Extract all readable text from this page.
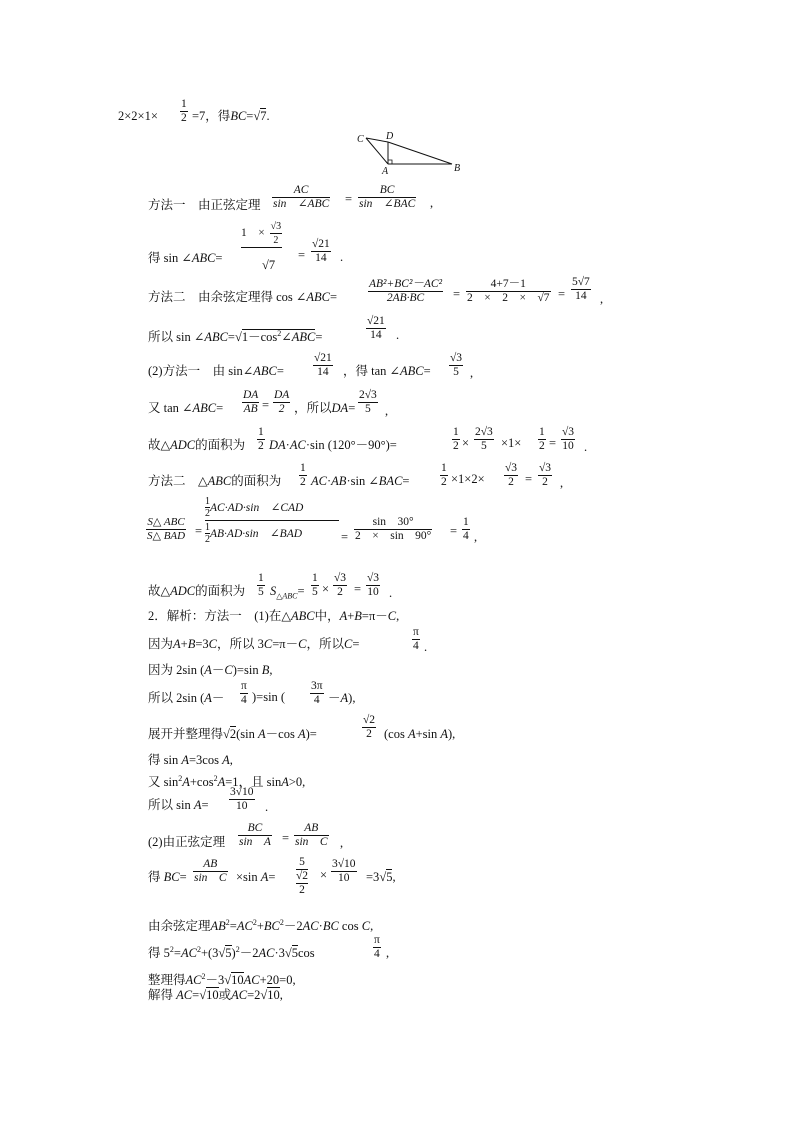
2×2×1×
1
2 =7，得BC=√7.
C D
A	B
方法一　由正弦定理
AC
sin　∠ABC =
BC
sin　∠BAC ,
得 sin ∠ABC=
1　× $\frac{√3}{2}$
√7
=
√21
14	.
方法二　由余弦定理得 cos ∠ABC=
AB²+BC²－AC²
2AB·BC	=
4+7－1
2　×　2　×　√7 =
5√7
14	,
所以 $\sin \angle ABC=√1-\cos^2\angle ABC=$
√21
14	.
(2)方法一　由 sin∠ABC=
√21
14	，得 tan ∠ABC=
√3
5 ,
又 tan ∠ABC=
DA
AB =
DA
2 ，所以DA=
2√3
5	,
故△ADC的面积为
1
2 DA·AC·sin (120°－90°)=
1
2 ×
2√3
5	×1×
1
2 =
√3
10 .
方法二　△ABC的面积为
1
2 AC·AB·sin ∠BAC=
1
2 ×1×2×
√3
2 =
√3
2 ,
S△ ABC
S△ BAD =
$\frac{1}{2} AC\cdot AD\cdot\sin$　∠CAD
$\frac{1}{2} AB\cdot AD\cdot\sin$　∠BAD	=
sin　30°
2　×　sin　90° =
1
4 ,
故△ADC的面积为
1
5 $S_{\triangle ABC}=$
1
5 ×
√3
2 =
√3
10 .
2．解析：方法一　(1)在△ABC中，A+B=π－C,
因为A+B=3C，所以 3C=π－C，所以C=
π
4 .
因为 2sin (A－C)=sin B,
所以 2sin (A－
π
4 )=sin (
3π
4 －A),
展开并整理得√2(sin A－cos A)=
√2
2 (cos A+sin A),
得 sin A=3cos A,
又 $\sin^2A+\cos^2A=1$，且 sinA>0,
所以 sin A=
3√10
10	.
(2)由正弦定理
BC
sin　A =
AB
sin　C ,
得 BC=
AB
sin　C ×sin A=
5
√2
2
×
3√10
10	=3√5,
由余弦定理$AB^2=AC^2+BC^2-2AC\cdot BC$ cos C,
得 $5^2=AC^2+(3√5)^2-2AC\cdot 3√5\cos$
π
4 ,
整理得$AC^2-3√10AC+20=0$,
解得 AC=√10或AC=2√10,
